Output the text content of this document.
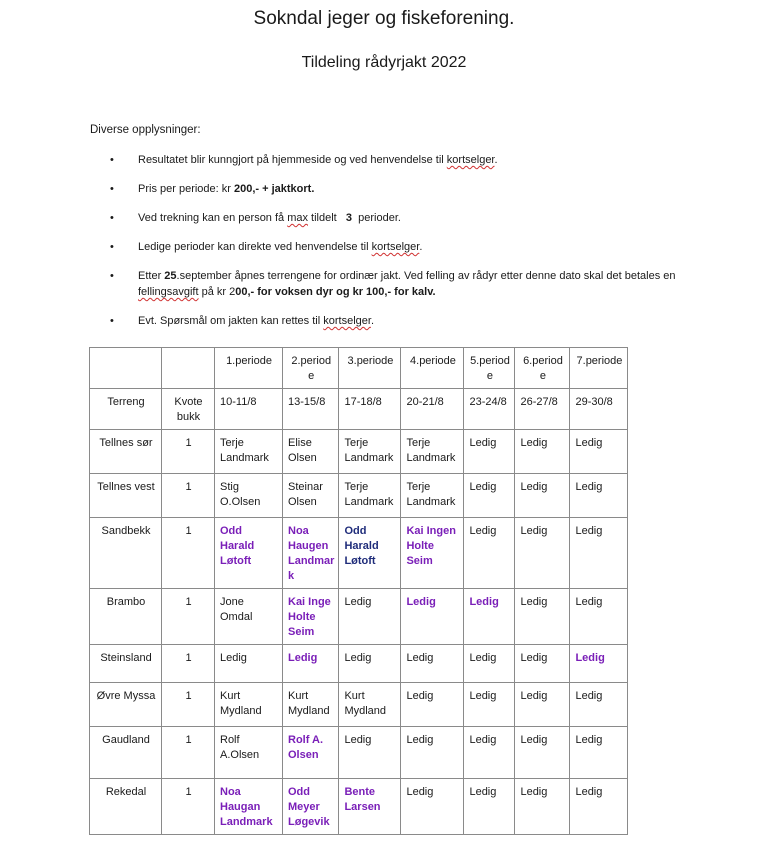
Sokndal jeger og fiskeforening.
Tildeling rådyrjakt 2022
Diverse opplysninger:
• Resultatet blir kunngjort på hjemmeside og ved henvendelse til kortselger.
• Pris per periode: kr 200,- + jaktkort.
• Ved trekning kan en person få max tildelt   3  perioder.
• Ledige perioder kan direkte ved henvendelse til kortselger.
• Etter 25.september åpnes terrengene for ordinær jakt. Ved felling av rådyr etter denne dato skal det betales en fellingsavgift på kr 200,- for voksen dyr og kr 100,- for kalv.
• Evt. Spørsmål om jakten kan rettes til kortselger.
		1.periode	2.period e	3.periode	4.periode	5.period e	6.period e	7.periode
Terreng	Kvote bukk	10-11/8	13-15/8	17-18/8	20-21/8	23-24/8	26-27/8	29-30/8
Tellnes sør	1	Terje Landmark	Elise Olsen	Terje Landmark	Terje Landmark	Ledig	Ledig	Ledig
Tellnes vest	1	Stig O.Olsen	Steinar Olsen	Terje Landmark	Terje Landmark	Ledig	Ledig	Ledig
Sandbekk	1	Odd Harald Løtoft	Noa Haugen Landmar k	Odd Harald Løtoft	Kai Ingen Holte Seim	Ledig	Ledig	Ledig
Brambo	1	Jone Omdal	Kai Inge Holte Seim	Ledig	Ledig	Ledig	Ledig	Ledig
Steinsland	1	Ledig	Ledig	Ledig	Ledig	Ledig	Ledig	Ledig
Øvre Myssa	1	Kurt Mydland	Kurt Mydland	Kurt Mydland	Ledig	Ledig	Ledig	Ledig
Gaudland	1	Rolf A.Olsen	Rolf A. Olsen	Ledig	Ledig	Ledig	Ledig	Ledig
Rekedal	1	Noa Haugan Landmark	Odd Meyer Løgevik	Bente Larsen	Ledig	Ledig	Ledig	Ledig
